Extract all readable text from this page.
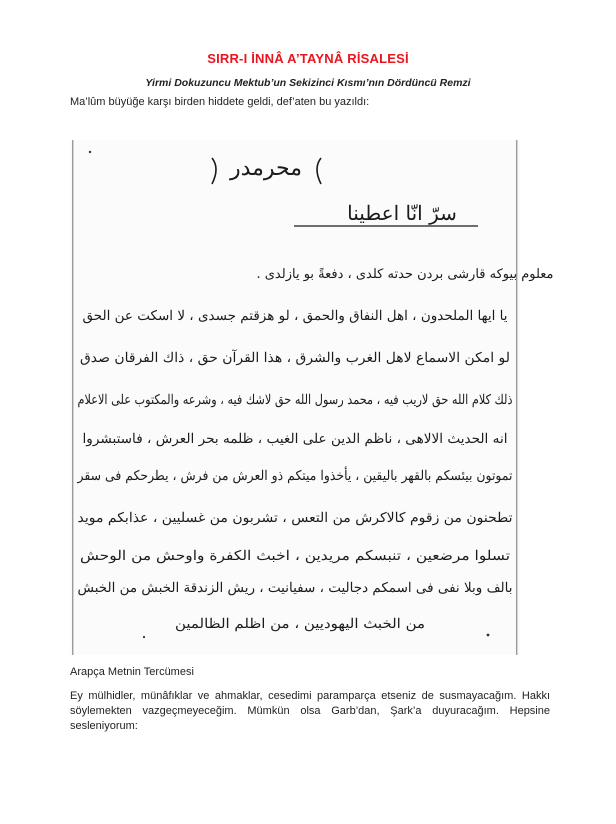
SIRR-I İNNÂ A’TAYNÂ RİSALESİ
Yirmi Dokuzuncu Mektub’un Sekizinci Kısmı’nın Dördüncü Remzi
Ma’lûm büyüğe karşı birden hiddete geldi, def’aten bu yazıldı:
محرمدر
سرّ انّا اعطينا
معلوم بيوكه قارشى بردن حدته كلدى ، دفعةً بو يازلدى .
يا ايها الملحدون ، اهل النفاق والحمق ، لو هزقتم جسدى ، لا اسكت عن الحق
لو امكن الاسماع لاهل الغرب والشرق ، هذا القرآن حق ، ذاك الفرقان صدق
ذلك كلام الله حق لاريب فيه ، محمد رسول الله حق لاشك فيه ، وشرعه والمكتوب على الاعلام
انه الحديث الالاهى ، ناظم الدين على الغيب ، ظلمه بحر العرش ، فاستبشروا
تموتون بيئسكم بالقهر باليقين ، يأخذوا ميتكم ذو العرش من فرش ، يطرحكم فى سقر
تطحنون من زقوم كالاكرش من التعس ، تشربون من غسليين ، عذابكم مويد
تسلوا مرضعين ، تنبسكم مريدين ، اخبث الكفرة واوحش من الوحش
بالف وبلا نفى فى اسمكم دجاليت ، سفيانيت ، ريش الزندقة الخبش من الخبش
من الخبث اليهوديين ، من اظلم الظالمين
Arapça Metnin Tercümesi
Ey mülhidler, münâfıklar ve ahmaklar, cesedimi paramparça etseniz de susmayacağım. Hakkı söylemekten vazgeçmeyeceğim. Mümkün olsa Garb’dan, Şark’a duyuracağım. Hepsine sesleniyorum:
